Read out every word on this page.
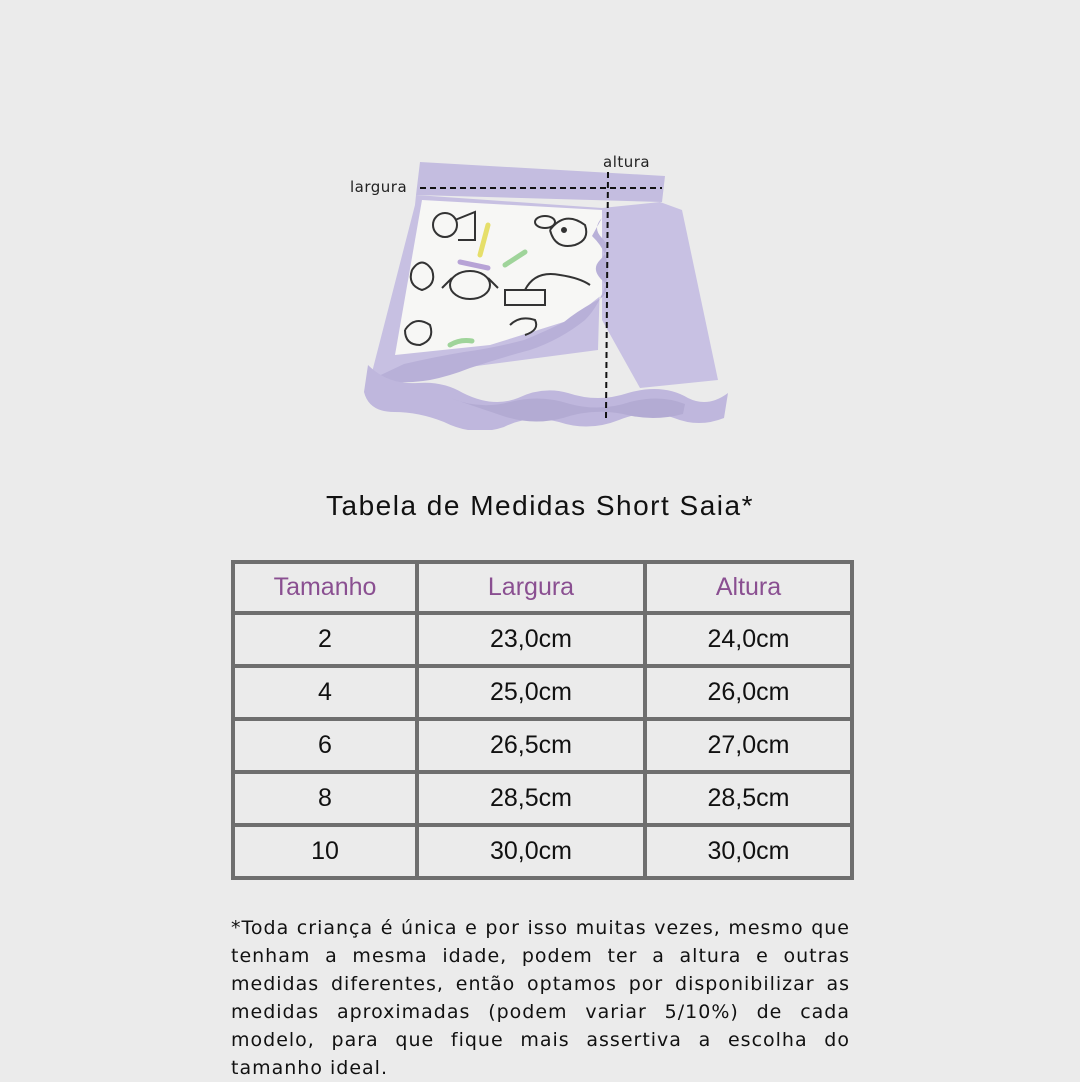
largura
altura
Tabela de Medidas Short Saia*
Tamanho	Largura	Altura
2	23,0cm	24,0cm
4	25,0cm	26,0cm
6	26,5cm	27,0cm
8	28,5cm	28,5cm
10	30,0cm	30,0cm
*Toda criança é única e por isso muitas vezes, mesmo que tenham a mesma idade, podem ter a altura e outras medidas diferentes, então optamos por disponibilizar as medidas aproximadas (podem variar 5/10%) de cada modelo, para que fique mais assertiva a escolha do tamanho ideal.
